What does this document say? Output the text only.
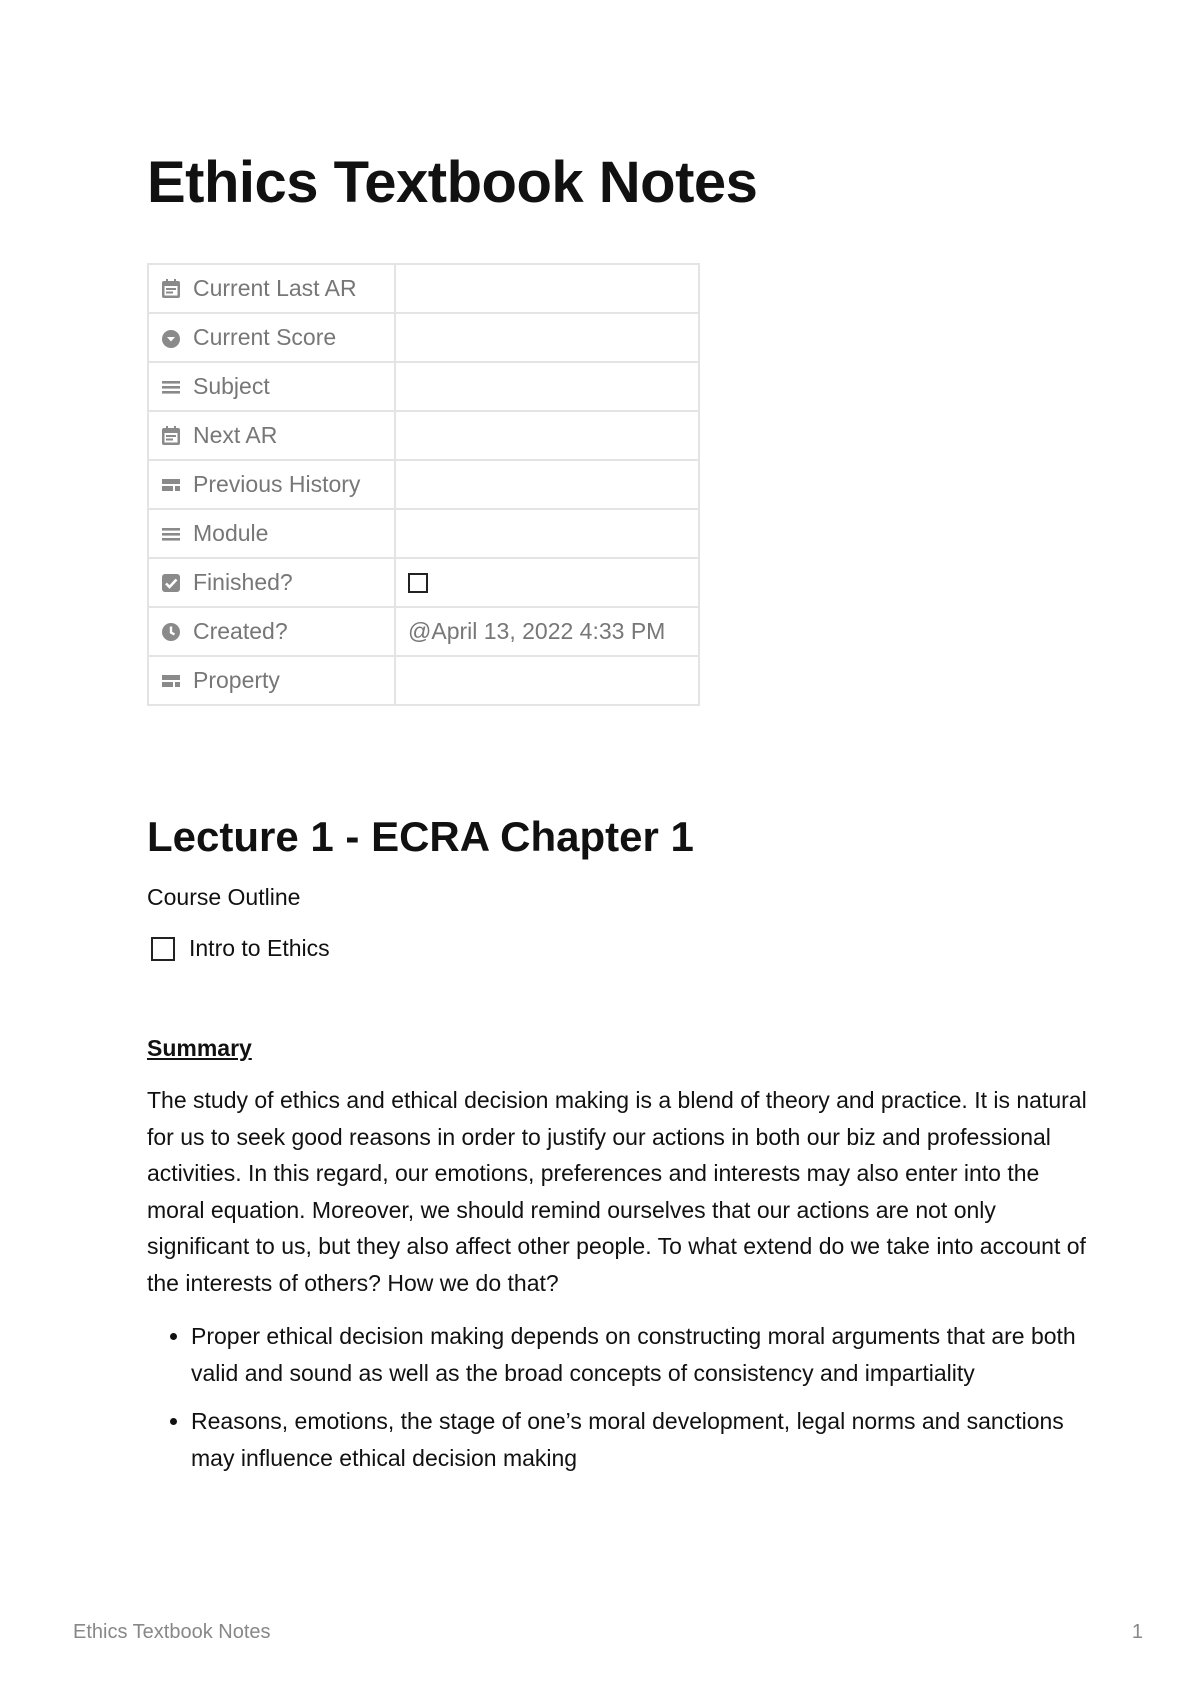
Ethics Textbook Notes
Current Last AR	

Current Score	

Subject	

Next AR	

Previous History	

Module	

Finished?	

Created?	@April 13, 2022 4:33 PM

Property	
Lecture 1 - ECRA Chapter 1

Course Outline

Intro to Ethics

Summary

The study of ethics and ethical decision making is a blend of theory and practice. It is natural for us to seek good reasons in order to justify our actions in both our biz and professional activities. In this regard, our emotions, preferences and interests may also enter into the moral equation. Moreover, we should remind ourselves that our actions are not only significant to us, but they also affect other people. To what extend do we take into account of the interests of others? How we do that?

• Proper ethical decision making depends on constructing moral arguments that are both valid and sound as well as the broad concepts of consistency and impartiality
• Reasons, emotions, the stage of one’s moral development, legal norms and sanctions may influence ethical decision making
Ethics Textbook Notes	1
